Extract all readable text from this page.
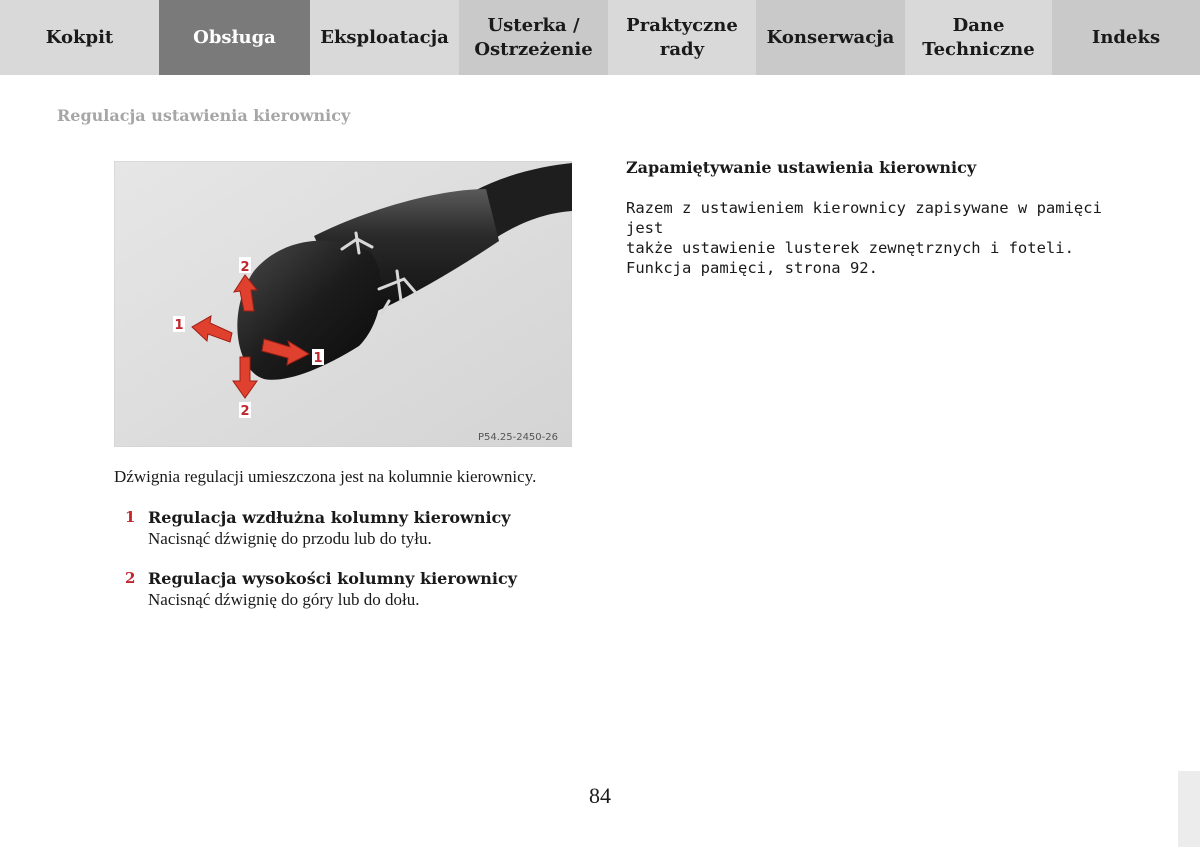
Kokpit	Obsługa Eksploatacja
Usterka /
Ostrzeżenie
Praktyczne
rady
Konserwacja
Dane
Techniczne
Indeks
Regulacja ustawienia kierownicy
1
2
2
1
P54.25-2450-26
Dźwignia regulacji umieszczona jest na kolumnie kierownicy.
1 Regulacja wzdłużna kolumny kierownicy
Nacisnąć dźwignię do przodu lub do tyłu.
2 Regulacja wysokości kolumny kierownicy
Nacisnąć dźwignię do góry lub do dołu.
Zapamiętywanie ustawienia kierownicy

Razem z ustawieniem kierownicy zapisywane w pamięci jest
także ustawienie lusterek zewnętrznych i foteli.
Funkcja pamięci, strona 92.

84
